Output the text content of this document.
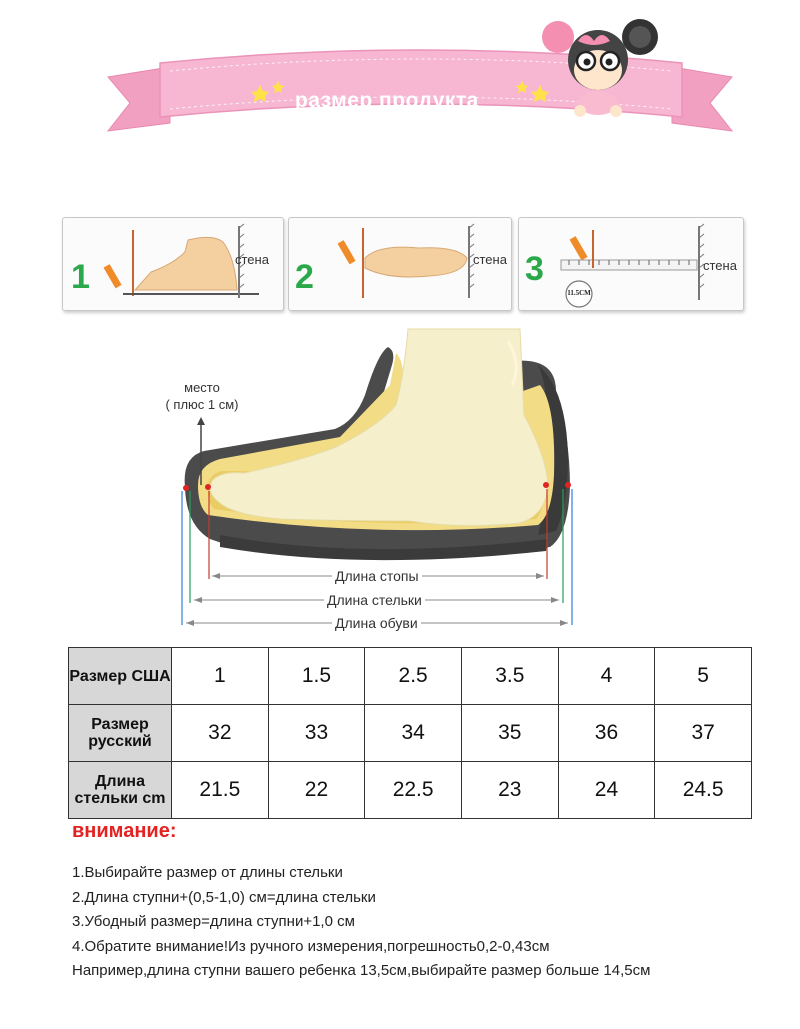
размер продукта
1	стена 2	стена 3
11.5CM
стена
место
( плюс 1 см)
Длина стопы
Длина стельки
Длина обуви
Размер США	1	1.5	2.5	3.5	4	5
Размер русский	32	33	34	35	36	37
Длина стельки cm	21.5	22	22.5	23	24	24.5
внимание:
1.Выбирайте размер от длины стельки
2.Длина ступни+(0,5-1,0) см=длина стельки
3.Убодный размер=длина ступни+1,0 см
4.Обратите внимание!Из ручного измерения,погрешность0,2-0,43см
Например,длина ступни вашего ребенка 13,5cм,выбирайте размер больше 14,5cм
